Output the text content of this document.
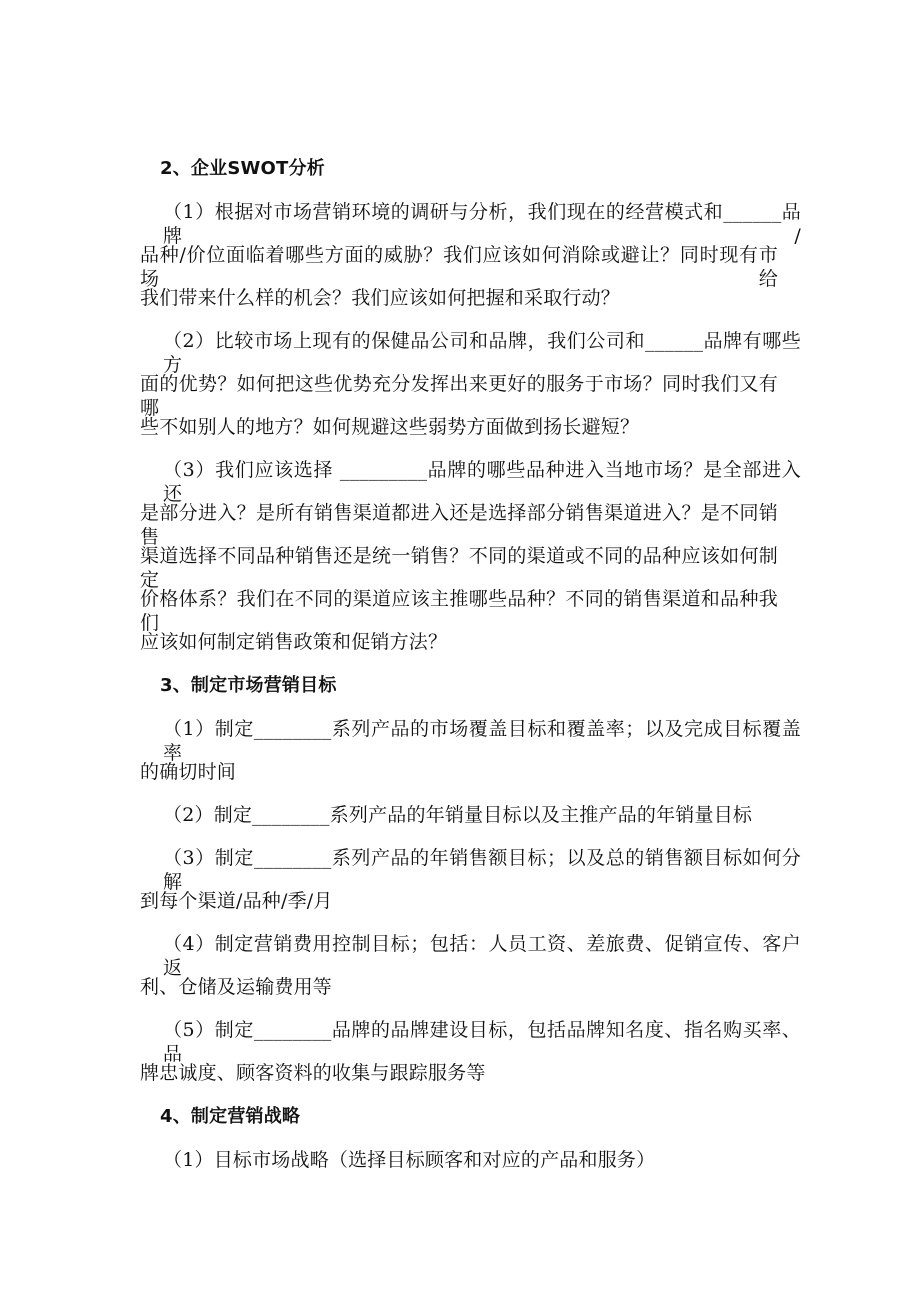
2、企业SWOT分析
（1）根据对市场营销环境的调研与分析，我们现在的经营模式和______品牌/
品种/价位面临着哪些方面的威胁？我们应该如何消除或避让？同时现有市场给
我们带来什么样的机会？我们应该如何把握和采取行动？
（2）比较市场上现有的保健品公司和品牌，我们公司和______品牌有哪些方
面的优势？如何把这些优势充分发挥出来更好的服务于市场？同时我们又有哪
些不如别人的地方？如何规避这些弱势方面做到扬长避短？
（3）我们应该选择 _________品牌的哪些品种进入当地市场？是全部进入还
是部分进入？是所有销售渠道都进入还是选择部分销售渠道进入？是不同销售
渠道选择不同品种销售还是统一销售？不同的渠道或不同的品种应该如何制定
价格体系？我们在不同的渠道应该主推哪些品种？不同的销售渠道和品种我们
应该如何制定销售政策和促销方法？
3、制定市场营销目标
（1）制定________系列产品的市场覆盖目标和覆盖率；以及完成目标覆盖率
的确切时间
（2）制定________系列产品的年销量目标以及主推产品的年销量目标
（3）制定________系列产品的年销售额目标；以及总的销售额目标如何分解
到每个渠道/品种/季/月
（4）制定营销费用控制目标；包括：人员工资、差旅费、促销宣传、客户返
利、仓储及运输费用等
（5）制定________品牌的品牌建设目标，包括品牌知名度、指名购买率、品
牌忠诚度、顾客资料的收集与跟踪服务等
4、制定营销战略
（1）目标市场战略（选择目标顾客和对应的产品和服务）
